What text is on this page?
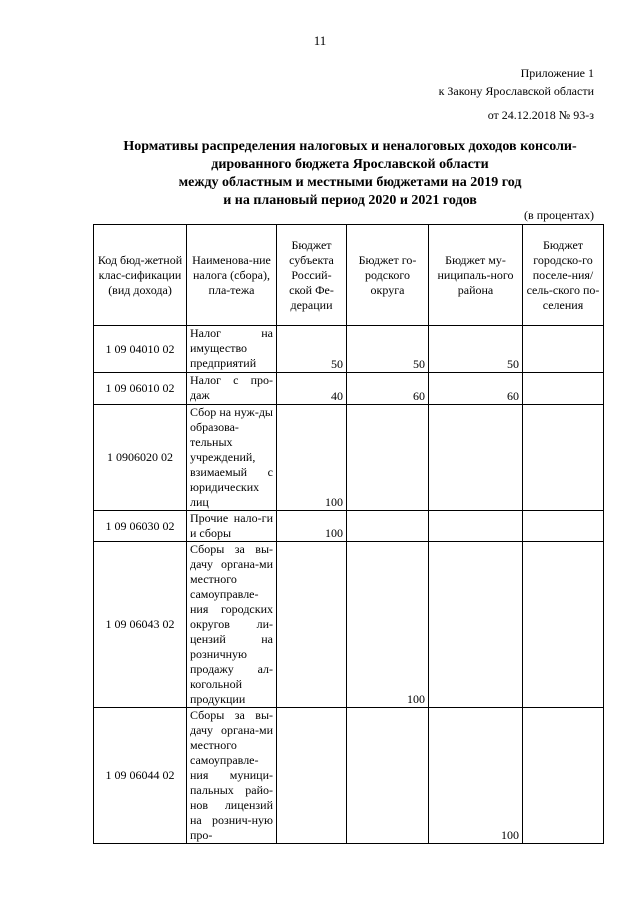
11
Приложение 1
к Закону Ярославской области
от 24.12.2018 № 93-з
Нормативы распределения налоговых и неналоговых доходов консоли-
дированного бюджета Ярославской области
между областным и местными бюджетами на 2019 год
и на плановый период 2020 и 2021 годов
(в процентах)
Код бюд-жетной клас-сификации (вид дохода)	Наименова-ние налога (сбора), пла-тежа	Бюджет субъекта Россий-ской Фе-дерации	Бюджет го-родского округа	Бюджет му-ниципаль-ного района	Бюджет городско-го поселе-ния/ сель-ского по-селения
1 09 04010 02	Налог на имущество предприятий	50	50	50	
1 09 06010 02	Налог с про-даж	40	60	60	
1 0906020 02	Сбор на нуж-ды образова-тельных учреждений, взимаемый с юридических лиц	100			
1 09 06030 02	Прочие нало-ги и сборы	100			
1 09 06043 02	Сборы за вы-дачу органа-ми местного самоуправле-ния городских округов ли-цензий на розничную продажу ал-когольной продукции		100		
1 09 06044 02	Сборы за вы-дачу органа-ми местного самоуправле-ния муници-пальных райо-нов лицензий на рознич-ную про-			100	
